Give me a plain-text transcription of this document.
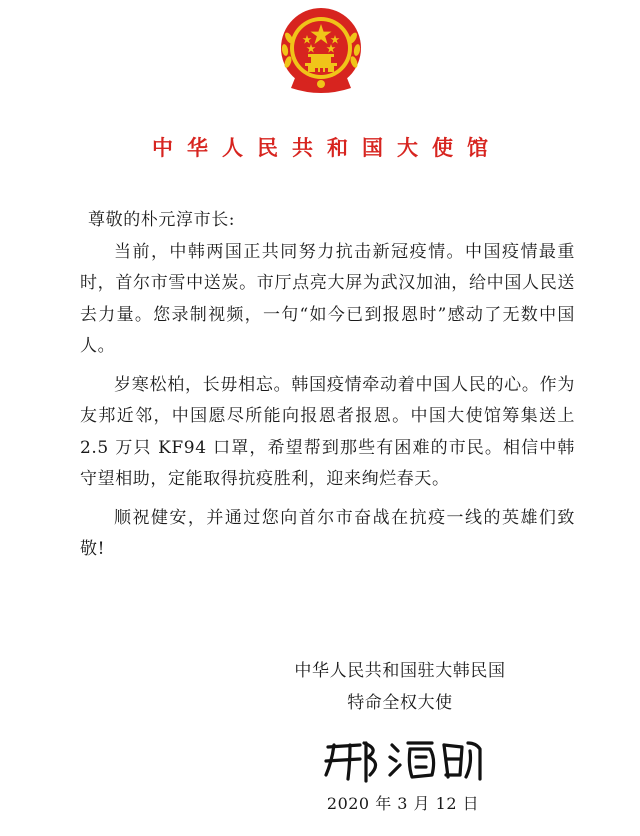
中华人民共和国大使馆

尊敬的朴元淳市长:

当前，中韩两国正共同努力抗击新冠疫情。中国疫情最重时，首尔市雪中送炭。市厅点亮大屏为武汉加油，给中国人民送去力量。您录制视频，一句“如今已到报恩时”感动了无数中国人。

岁寒松柏，长毋相忘。韩国疫情牵动着中国人民的心。作为友邦近邻，中国愿尽所能向报恩者报恩。中国大使馆筹集送上 2.5 万只 KF94 口罩，希望帮到那些有困难的市民。相信中韩守望相助，定能取得抗疫胜利，迎来绚烂春天。

顺祝健安，并通过您向首尔市奋战在抗疫一线的英雄们致敬!

中华人民共和国驻大韩民国
特命全权大使
2020 年 3 月 12 日
